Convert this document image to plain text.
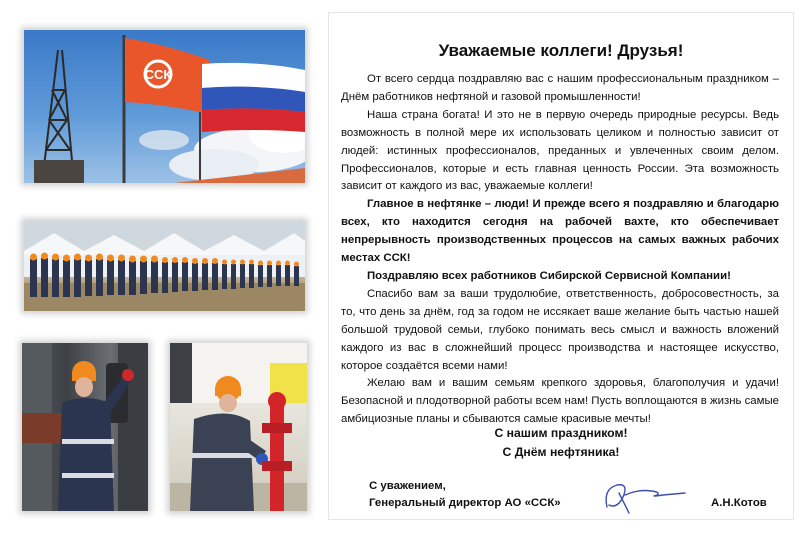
ССК
Уважаемые коллеги! Друзья!

От всего сердца поздравляю вас с нашим профессиональным праздником – Днём работников нефтяной и газовой промышленности!

Наша страна богата! И это не в первую очередь природные ресурсы. Ведь возможность в полной мере их использовать целиком и полностью зависит от людей: истинных профессионалов, преданных и увлеченных своим делом. Профессионалов, которые и есть главная ценность России. Эта возможность зависит от каждого из вас, уважаемые коллеги!

Главное в нефтянке – люди! И прежде всего я поздравляю и благодарю всех, кто находится сегодня на рабочей вахте, кто обеспечивает непрерывность производственных процессов на самых важных рабочих местах ССК!

Поздравляю всех работников Сибирской Сервисной Компании!

Спасибо вам за ваши трудолюбие, ответственность, добросовестность, за то, что день за днём, год за годом не иссякает ваше желание быть частью нашей большой трудовой семьи, глубоко понимать весь смысл и важность вложений каждого из вас в сложнейший процесс производства и настоящее искусство, которое создаётся всеми нами!

Желаю вам и вашим семьям крепкого здоровья, благополучия и удачи! Безопасной и плодотворной работы всем нам! Пусть воплощаются в жизнь самые амбициозные планы и сбываются самые красивые мечты!

С нашим праздником!
С Днём нефтяника!
С уважением,
Генеральный директор АО «ССК»	А.Н.Котов
